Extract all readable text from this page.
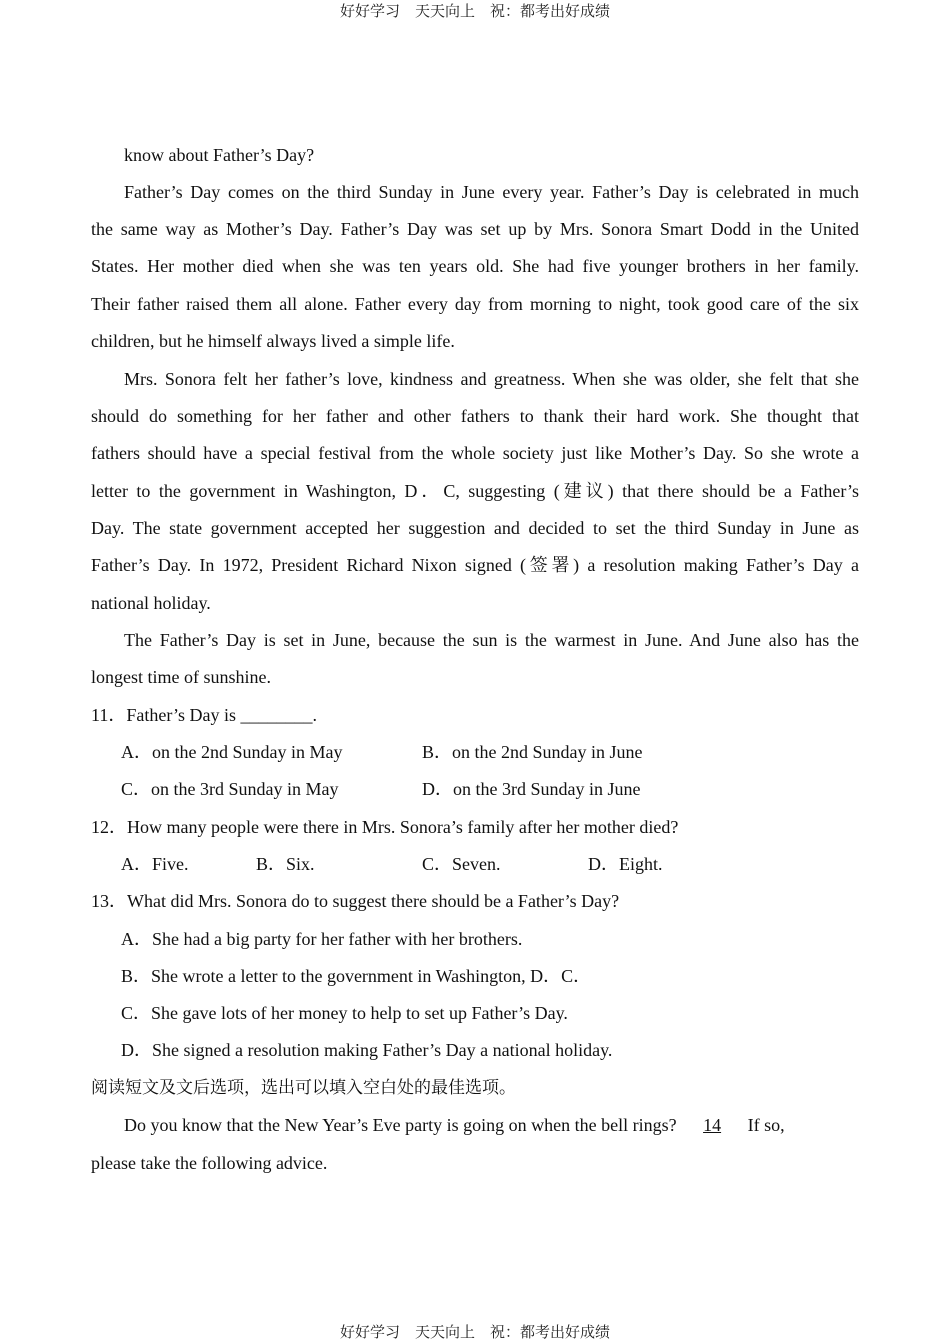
好好学习　天天向上　祝：都考出好成绩
know about Father’s Day?
Father’s Day comes on the third Sunday in June every year. Father’s Day is celebrated in much
the same way as Mother’s Day. Father’s Day was set up by Mrs. Sonora Smart Dodd in the United
States. Her mother died when she was ten years old. She had five younger brothers in her family.
Their father raised them all alone. Father every day from morning to night, took good care of the six
children, but he himself always lived a simple life.
Mrs. Sonora felt her father’s love, kindness and greatness. When she was older, she felt that she
should do something for her father and other fathers to thank their hard work. She thought that
fathers should have a special festival from the whole society just like Mother’s Day. So she wrote a
letter to the government in Washington, D．C, suggesting (建议) that there should be a Father’s
Day. The state government accepted her suggestion and decided to set the third Sunday in June as
Father’s Day. In 1972, President Richard Nixon signed (签署) a resolution making Father’s Day a
national holiday.
The Father’s Day is set in June, because the sun is the warmest in June. And June also has the
longest time of sunshine.
11．Father’s Day is ________.
A．on the 2nd Sunday in May	B．on the 2nd Sunday in June
C．on the 3rd Sunday in May	D．on the 3rd Sunday in June
12．How many people were there in Mrs. Sonora’s family after her mother died?
A．Five.	B．Six.	C．Seven.	D．Eight.
13．What did Mrs. Sonora do to suggest there should be a Father’s Day?
A．She had a big party for her father with her brothers.
B．She wrote a letter to the government in Washington, D．C．
C．She gave lots of her money to help to set up Father’s Day.
D．She signed a resolution making Father’s Day a national holiday.
阅读短文及文后选项，选出可以填入空白处的最佳选项。
Do you know that the New Year’s Eve party is going on when the bell rings? 14 If so,
please take the following advice.
好好学习　天天向上　祝：都考出好成绩
